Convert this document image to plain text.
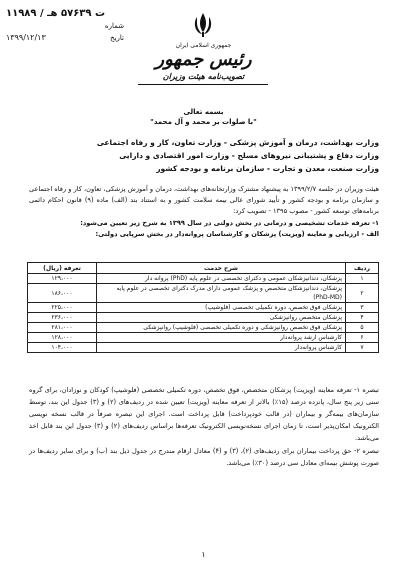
۱۱۹۸۹ / ت ۵۷۶۳۹ هـ
شماره
تاریخ
۱۳۹۹/۱۲/۱۳
جمهوری اسلامی ایران
رئیس جمهور
تصویب‌نامه هیئت وزیران
بسمه تعالی
"با صلوات بر محمد و آل محمد"
وزارت بهداشت، درمان و آموزش پزشکی - وزارت تعاون، کار و رفاه اجتماعی
وزارت دفاع و پشتیبانی نیروهای مسلح - وزارت امور اقتصادی و دارایی
وزارت صنعت، معدن و تجارت - سازمان برنامه و بودجه کشور

هیئت وزیران در جلسه ۱۳۹۹/۲/۷ به پیشنهاد مشترک وزارتخانه‌های بهداشت، درمان و آموزش پزشکی، تعاون، کار و رفاه اجتماعی و سازمان برنامه و بودجه کشور و تأیید شورای عالی بیمه سلامت کشور و به استناد بند (الف) ماده (۹) قانون احکام دائمی برنامه‌های توسعه کشور - مصوب ۱۳۹۵ - تصویب کرد:

۱- تعرفه خدمات تشخیصی و درمانی در بخش دولتی در سال ۱۳۹۹ به شرح زیر تعیین می‌شود:

الف - ارزیابی و معاینه (ویزیت) پزشکان و کارشناسان پروانه‌دار در بخش سرپایی دولتی:

ردیف	شرح خدمت	تعرفه (ریال)
۱	پزشکان، دندانپزشکان عمومی و دکترای تخصصی در علوم پایه (PhD) پروانه دار	۱۲۹،۰۰۰
۲	پزشکان، دندانپزشکان متخصص و پزشک عمومی دارای مدرک دکترای تخصصی در علوم پایه (PhD-MD)	۱۸۶،۰۰۰
۳	پزشکان فوق تخصص، دوره تکمیلی تخصصی (فلوشیپ)	۲۲۵،۰۰۰
۴	پزشکان متخصص روانپزشکی	۲۳۶،۰۰۰
۵	پزشکان فوق تخصص روانپزشکی و دوره تکمیلی تخصصی (فلوشیپ) روانپزشکی	۲۸۱،۰۰۰
۶	کارشناس ارشد پروانه‌دار	۱۲۸،۰۰۰
۷	کارشناس پروانه‌دار	۱۰۴،۰۰۰

تبصره ۱- تعرفه معاینه (ویزیت) پزشکان متخصص، فوق تخصص، دوره تکمیلی تخصصی (فلوشیپ) کودکان و نوزادان، برای گروه سنی زیر پنج سال، پانزده درصد (۱۵٪) بالاتر از تعرفه معاینه (ویزیت) تعیین شده در ردیف‌های (۲) و (۳) جدول این بند، توسط سازمان‌های بیمه‌گر و بیماران (در قالب خودپرداخت) قابل پرداخت است. اجرای این تبصره صرفاً در قالب نسخه نویسی الکترونیک امکان‌پذیر است، تا زمان اجرای نسخه‌نویسی الکترونیک تعرفه‌ها براساس ردیف‌های (۲) و (۳) جدول این بند قابل اخذ می‌باشد.

تبصره ۲- حق پرداخت بیماران برای ردیف‌های (۲)، (۳) و (۴) معادل ارقام مندرج در جدول ذیل بند (ب) و برای سایر ردیف‌ها در صورت پوشش بیمه‌ای معادل سی درصد (۳۰٪) می‌باشد.

۱
